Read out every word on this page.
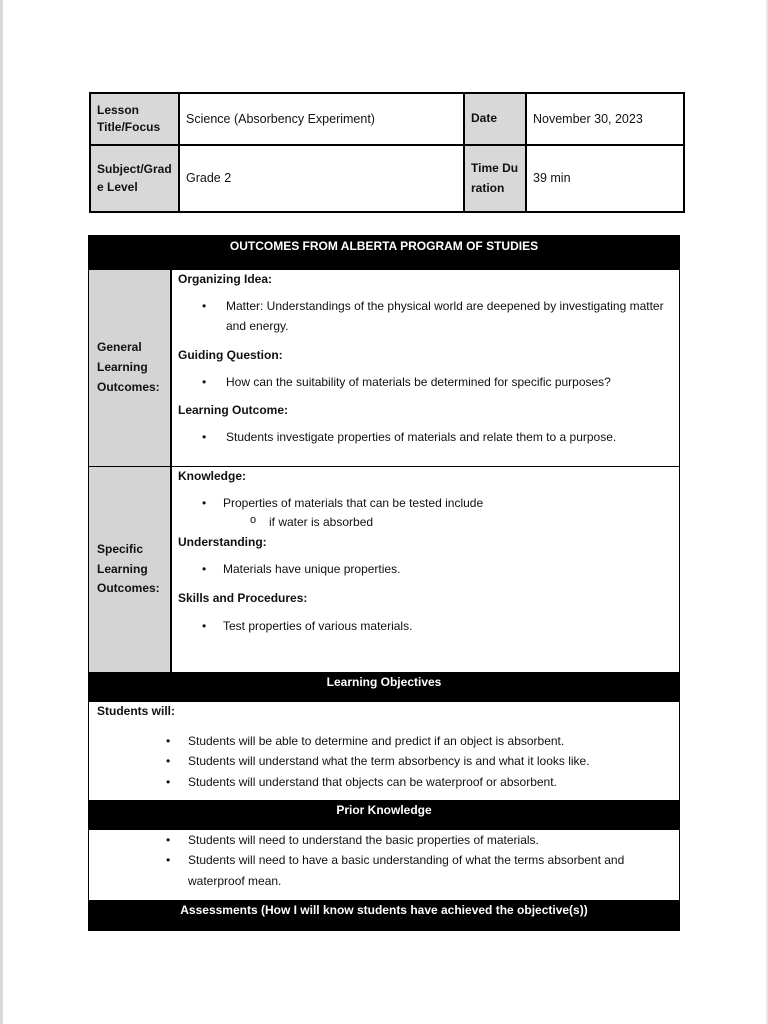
Lesson Title/Focus	Science (Absorbency Experiment)	Date	November 30, 2023
Subject/Grade Level	Grade 2	Time Duration	39 min
OUTCOMES FROM ALBERTA PROGRAM OF STUDIES
General Learning Outcomes:

Organizing Idea:

• Matter: Understandings of the physical world are deepened by investigating matter and energy.

Guiding Question:

• How can the suitability of materials be determined for specific purposes?

Learning Outcome:

• Students investigate properties of materials and relate them to a purpose.

Specific Learning Outcomes:

Knowledge:

• Properties of materials that can be tested include

o if water is absorbed

Understanding:

• Materials have unique properties.

Skills and Procedures:

• Test properties of various materials.

Learning Objectives
Students will:
• Students will be able to determine and predict if an object is absorbent.
• Students will understand what the term absorbency is and what it looks like.
• Students will understand that objects can be waterproof or absorbent.
Prior Knowledge
• Students will need to understand the basic properties of materials.
• Students will need to have a basic understanding of what the terms absorbent and waterproof mean.
Assessments (How I will know students have achieved the objective(s))
